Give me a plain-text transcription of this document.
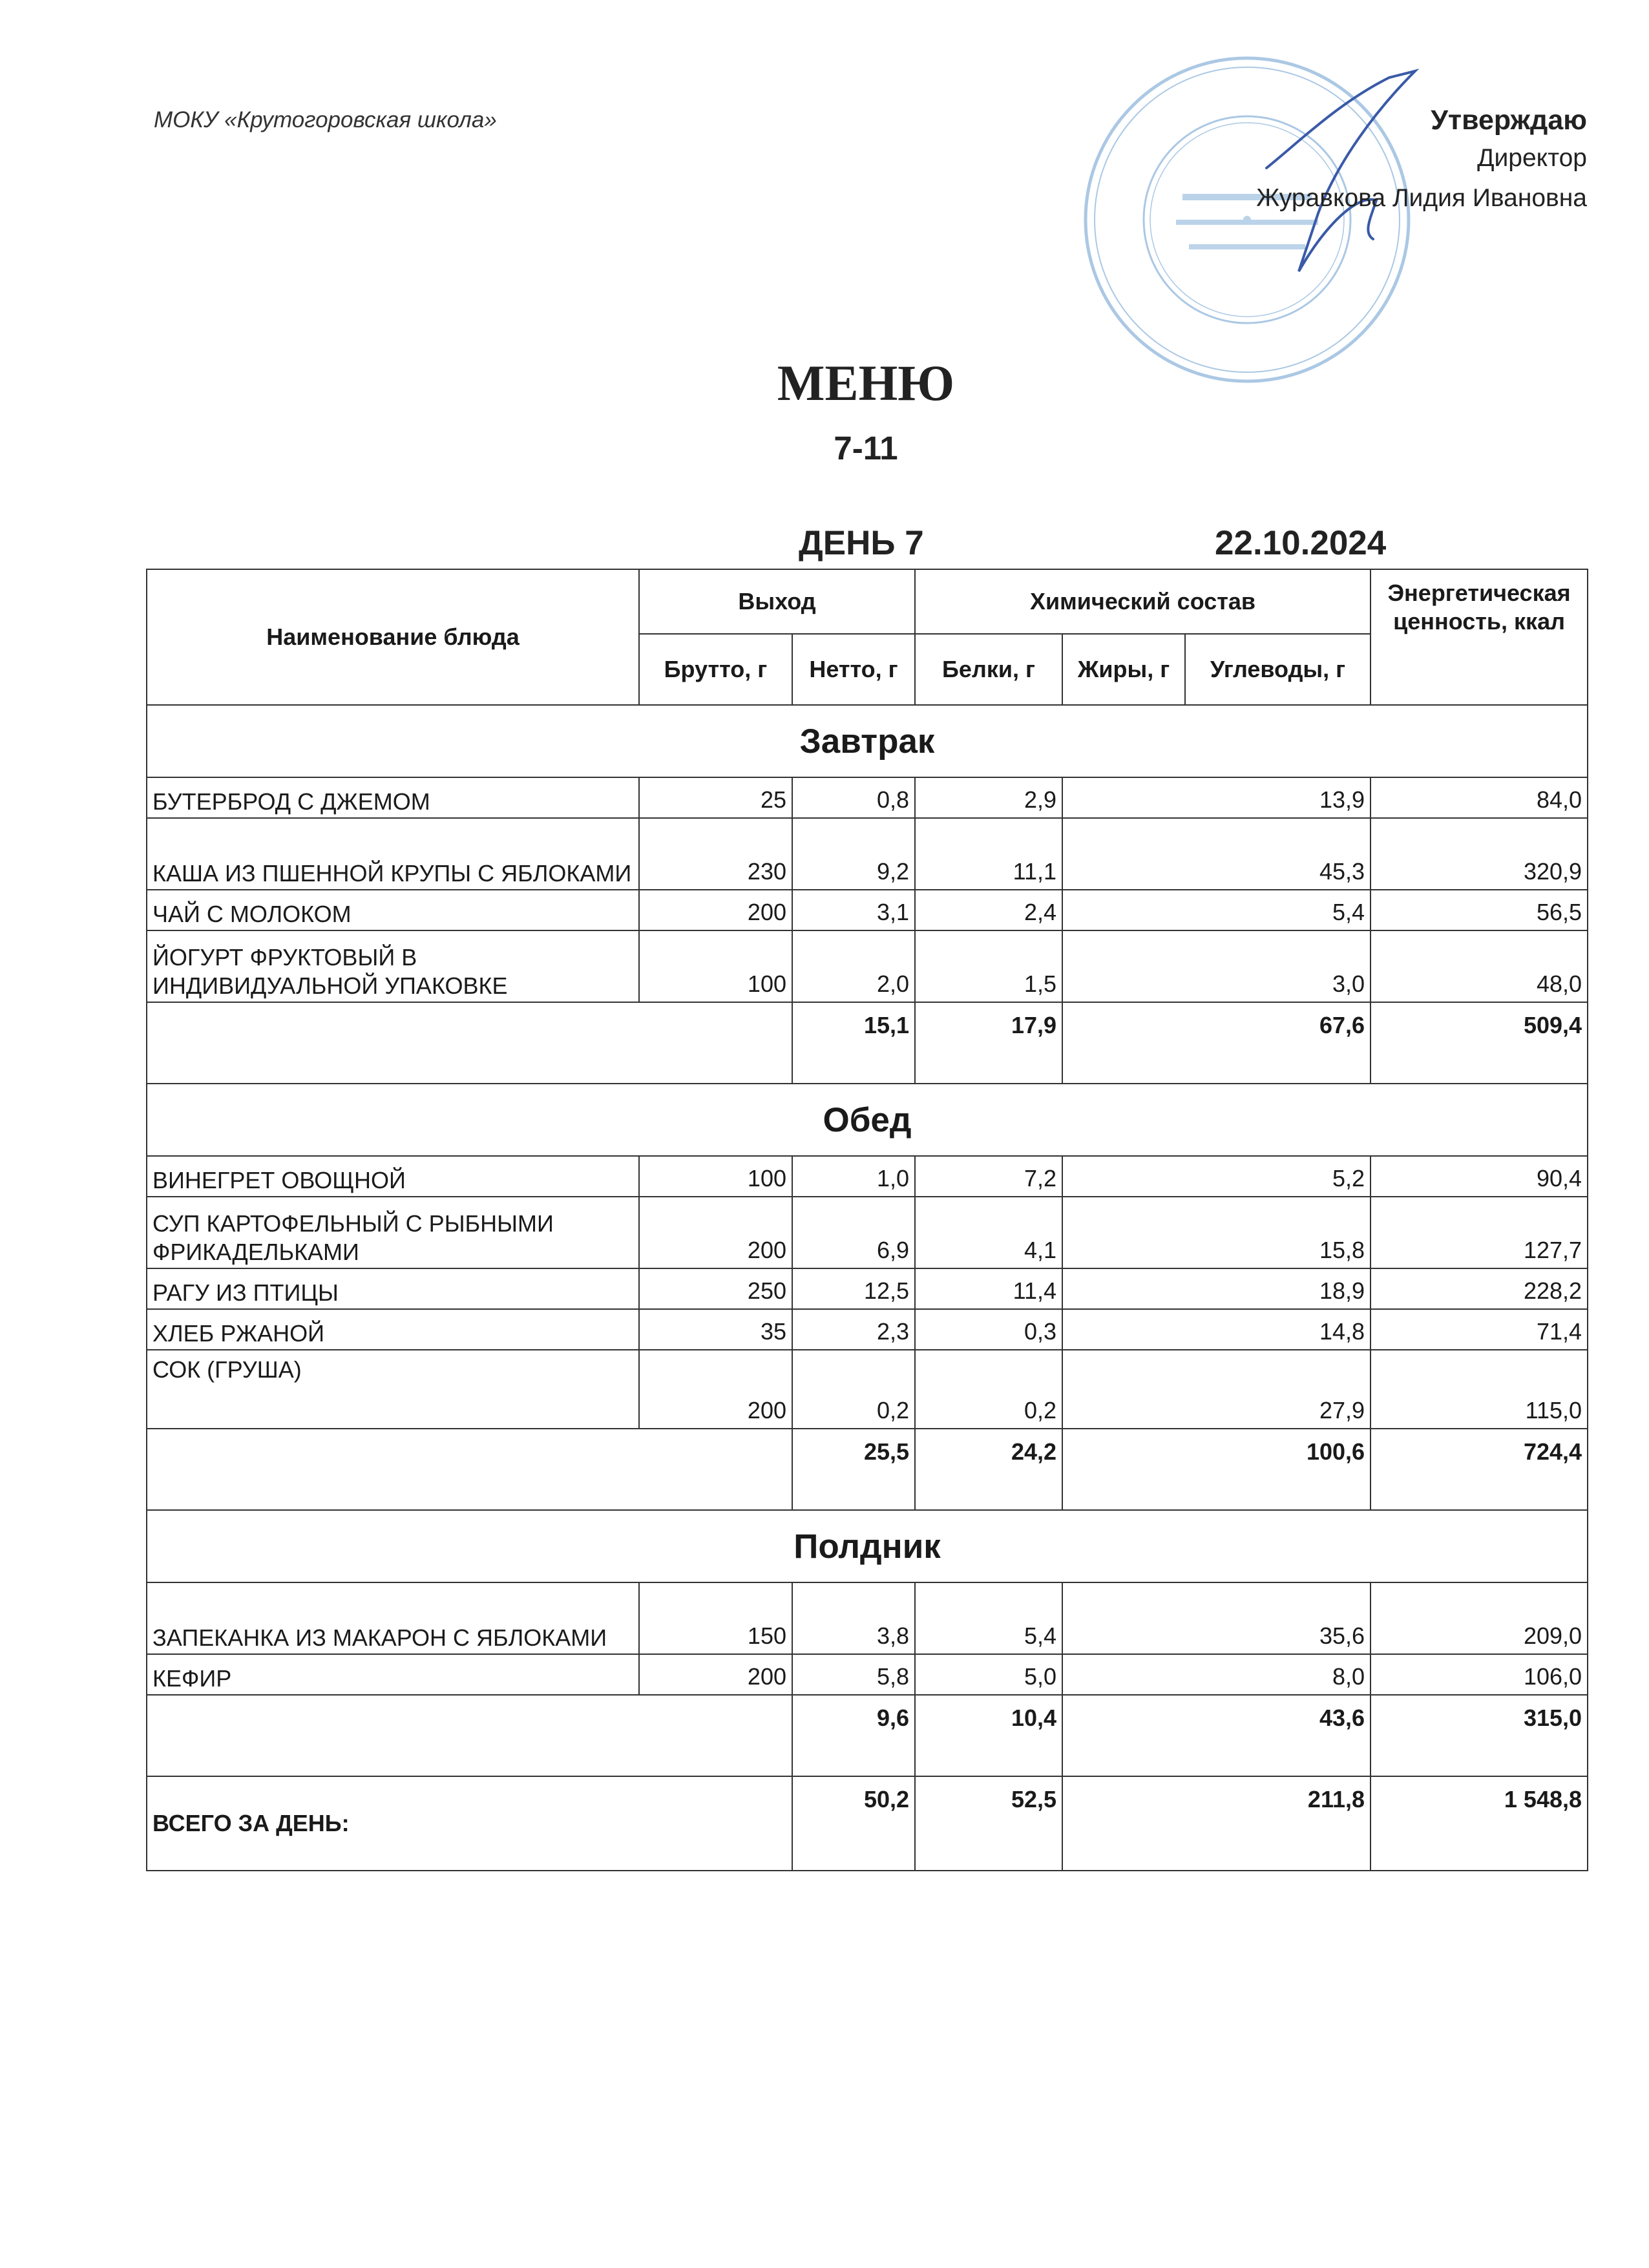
МОКУ «Крутогоровская школа»	Утверждаю
Директор
Журавкова Лидия Ивановна
МЕНЮ
7-11
ДЕНЬ 7	22.10.2024
Наименование блюда	Выход		Химический состав			Энергетическая ценность, ккал
	Брутто, г	Нетто, г	Белки, г	Жиры, г	Углеводы, г	
Завтрак						
БУТЕРБРОД С ДЖЕМОМ	25	0,8	2,9	13,9		84,0
КАША ИЗ ПШЕННОЙ КРУПЫ С ЯБЛОКАМИ	230	9,2	11,1	45,3		320,9
ЧАЙ С МОЛОКОМ	200	3,1	2,4	5,4		56,5
ЙОГУРТ ФРУКТОВЫЙ В ИНДИВИДУАЛЬНОЙ УПАКОВКЕ	100	2,0	1,5	3,0		48,0
		15,1	17,9	67,6		509,4
Обед						
ВИНЕГРЕТ ОВОЩНОЙ	100	1,0	7,2	5,2		90,4
СУП КАРТОФЕЛЬНЫЙ С РЫБНЫМИ ФРИКАДЕЛЬКАМИ	200	6,9	4,1	15,8		127,7
РАГУ ИЗ ПТИЦЫ	250	12,5	11,4	18,9		228,2
ХЛЕБ РЖАНОЙ	35	2,3	0,3	14,8		71,4
СОК (ГРУША)	200	0,2	0,2	27,9		115,0
		25,5	24,2	100,6		724,4
Полдник						
ЗАПЕКАНКА ИЗ МАКАРОН С ЯБЛОКАМИ	150	3,8	5,4	35,6		209,0
КЕФИР	200	5,8	5,0	8,0		106,0
		9,6	10,4	43,6		315,0
ВСЕГО ЗА ДЕНЬ:		50,2	52,5	211,8		1 548,8
